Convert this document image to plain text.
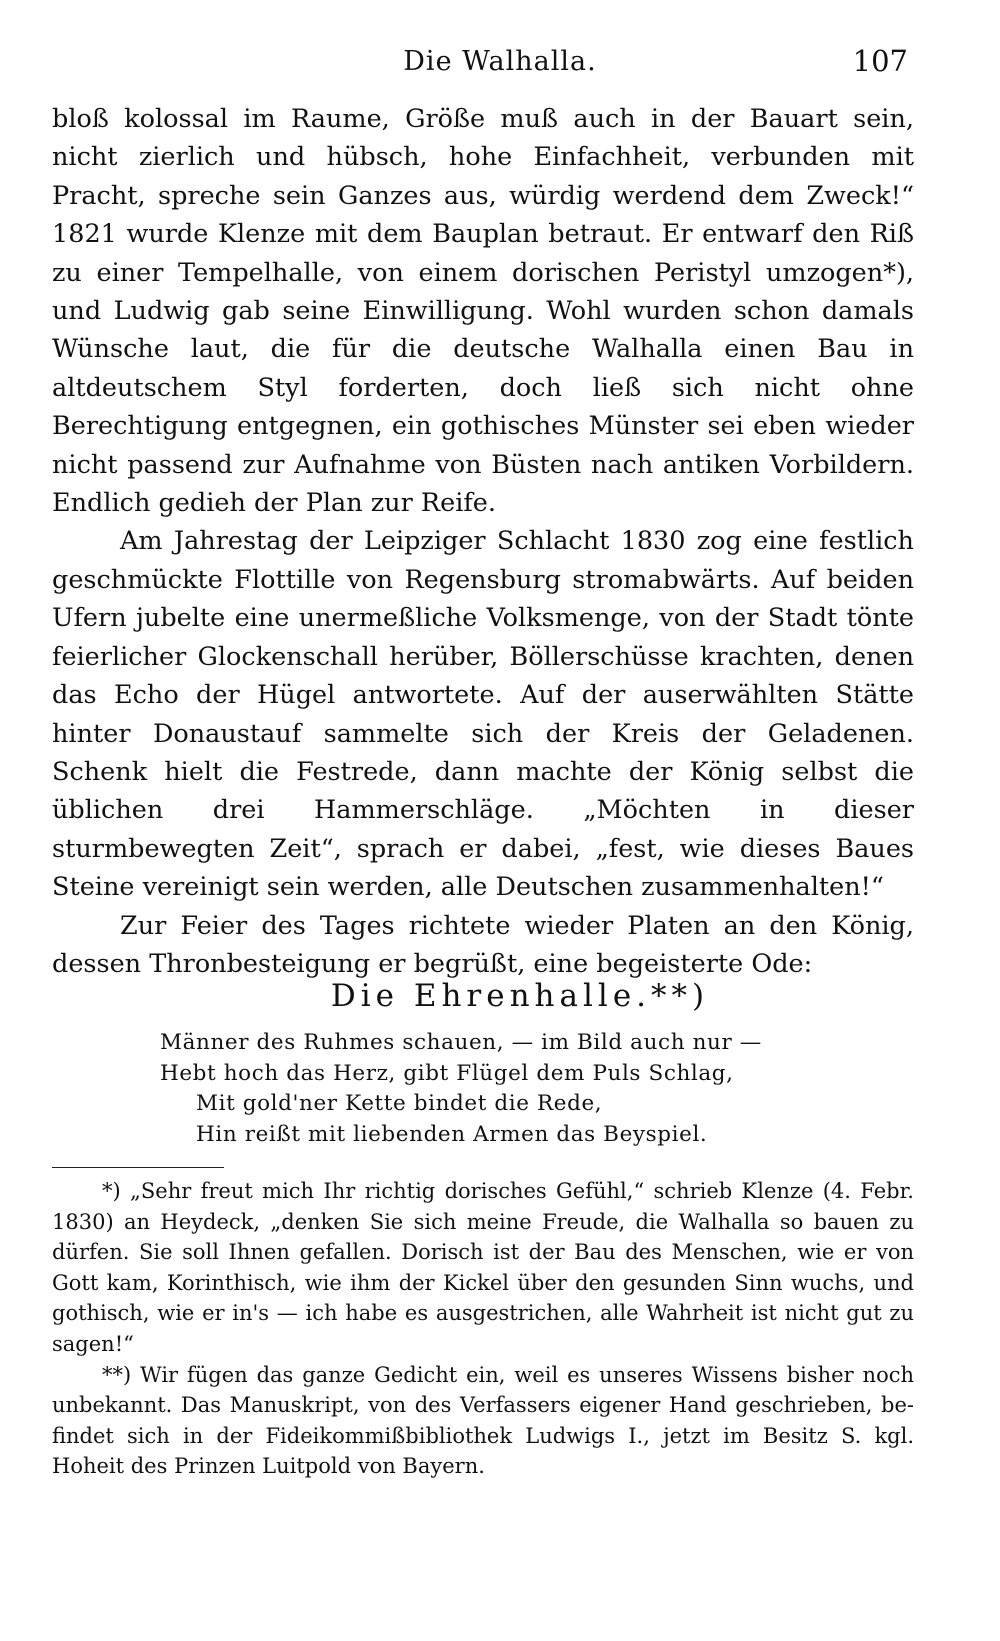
Die Walhalla.	107

bloß kolossal im Raume, Größe muß auch in der Bauart sein, nicht zierlich und hübsch, hohe Einfachheit, verbunden mit Pracht, spreche sein Ganzes aus, würdig werdend dem Zweck!“ 1821 wurde Klenze mit dem Bauplan betraut. Er entwarf den Riß zu einer Tempelhalle, von einem dorischen Peristyl umzogen*), und Ludwig gab seine Einwilligung. Wohl wurden schon damals Wünsche laut, die für die deutsche Walhalla einen Bau in altdeutschem Styl forderten, doch ließ sich nicht ohne Berechtigung entgegnen, ein gothisches Münster sei eben wieder nicht passend zur Aufnahme von Büsten nach antiken Vorbildern. Endlich gedieh der Plan zur Reife.

Am Jahrestag der Leipziger Schlacht 1830 zog eine festlich geschmückte Flottille von Regensburg stromabwärts. Auf beiden Ufern jubelte eine unermeßliche Volksmenge, von der Stadt tönte feierlicher Glockenschall herüber, Böllerschüsse krachten, denen das Echo der Hügel antwortete. Auf der auserwählten Stätte hinter Donaustauf sammelte sich der Kreis der Geladenen. Schenk hielt die Festrede, dann machte der König selbst die üblichen drei Hammerschläge. „Möchten in dieser sturmbewegten Zeit“, sprach er dabei, „fest, wie dieses Baues Steine vereinigt sein werden, alle Deutschen zusammenhalten!“

Zur Feier des Tages richtete wieder Platen an den König, dessen Thronbesteigung er begrüßt, eine begeisterte Ode:

Die Ehrenhalle.**)
Männer des Ruhmes schauen, — im Bild auch nur —
Hebt hoch das Herz, gibt Flügel dem Puls Schlag,
Mit gold'ner Kette bindet die Rede,
Hin reißt mit liebenden Armen das Beyspiel.

*) „Sehr freut mich Ihr richtig dorisches Gefühl,“ schrieb Klenze (4. Febr. 1830) an Heydeck, „denken Sie sich meine Freude, die Walhalla so bauen zu dürfen. Sie soll Ihnen gefallen. Dorisch ist der Bau des Menschen, wie er von Gott kam, Korinthisch, wie ihm der Kickel über den gesunden Sinn wuchs, und gothisch, wie er in's — ich habe es ausgestrichen, alle Wahrheit ist nicht gut zu sagen!“

**) Wir fügen das ganze Gedicht ein, weil es unseres Wissens bisher noch unbekannt. Das Manuskript, von des Verfassers eigener Hand geschrieben, befindet sich in der Fideikommißbibliothek Ludwigs I., jetzt im Besitz S. kgl. Hoheit des Prinzen Luitpold von Bayern.
